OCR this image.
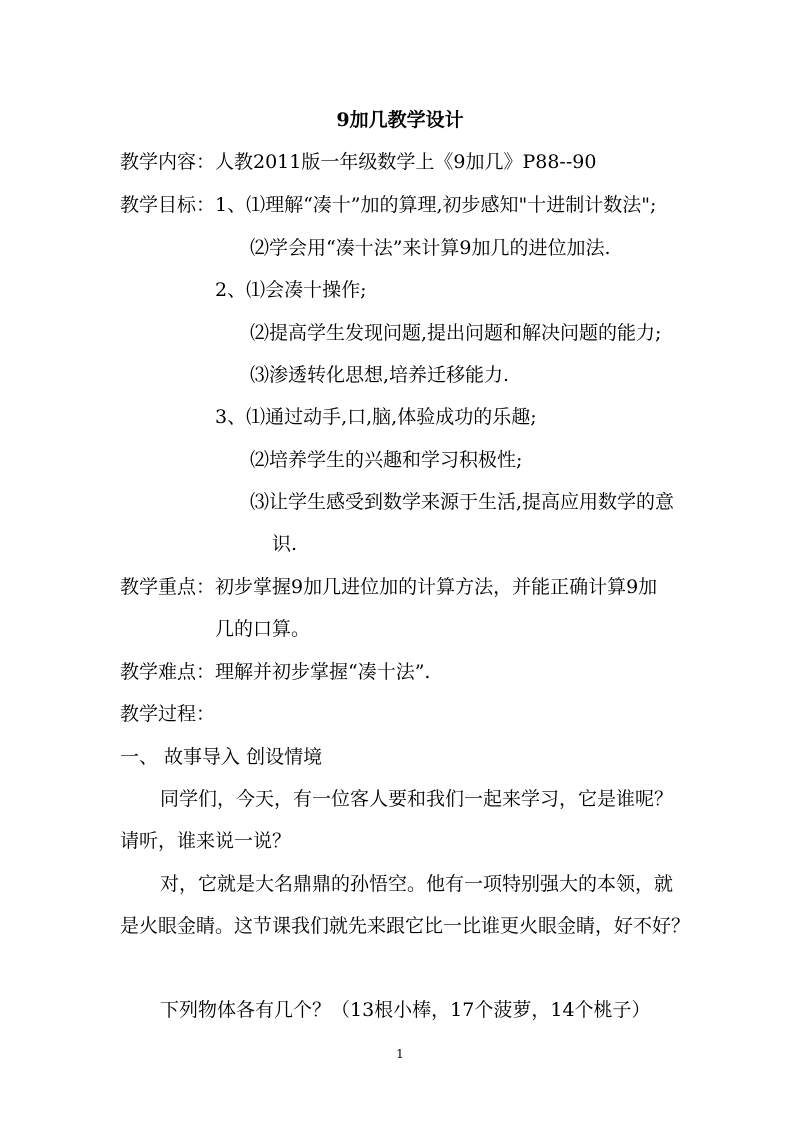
9加几教学设计
教学内容：人教2011版一年级数学上《9加几》P88--90
教学目标：1、⑴理解“凑十”加的算理,初步感知"十进制计数法";
⑵学会用“凑十法”来计算9加几的进位加法.
2、⑴会凑十操作;
⑵提高学生发现问题,提出问题和解决问题的能力;
⑶渗透转化思想,培养迁移能力.
3、⑴通过动手,口,脑,体验成功的乐趣;
⑵培养学生的兴趣和学习积极性;
⑶让学生感受到数学来源于生活,提高应用数学的意
识.
教学重点：初步掌握9加几进位加的计算方法，并能正确计算9加
几的口算。
教学难点：理解并初步掌握“凑十法”.
教学过程：
一、 故事导入 创设情境
同学们，今天，有一位客人要和我们一起来学习，它是谁呢？
请听，谁来说一说？
对，它就是大名鼎鼎的孙悟空。他有一项特别强大的本领，就
是火眼金睛。这节课我们就先来跟它比一比谁更火眼金睛，好不好？
下列物体各有几个？（13根小棒，17个菠萝，14个桃子）
1
